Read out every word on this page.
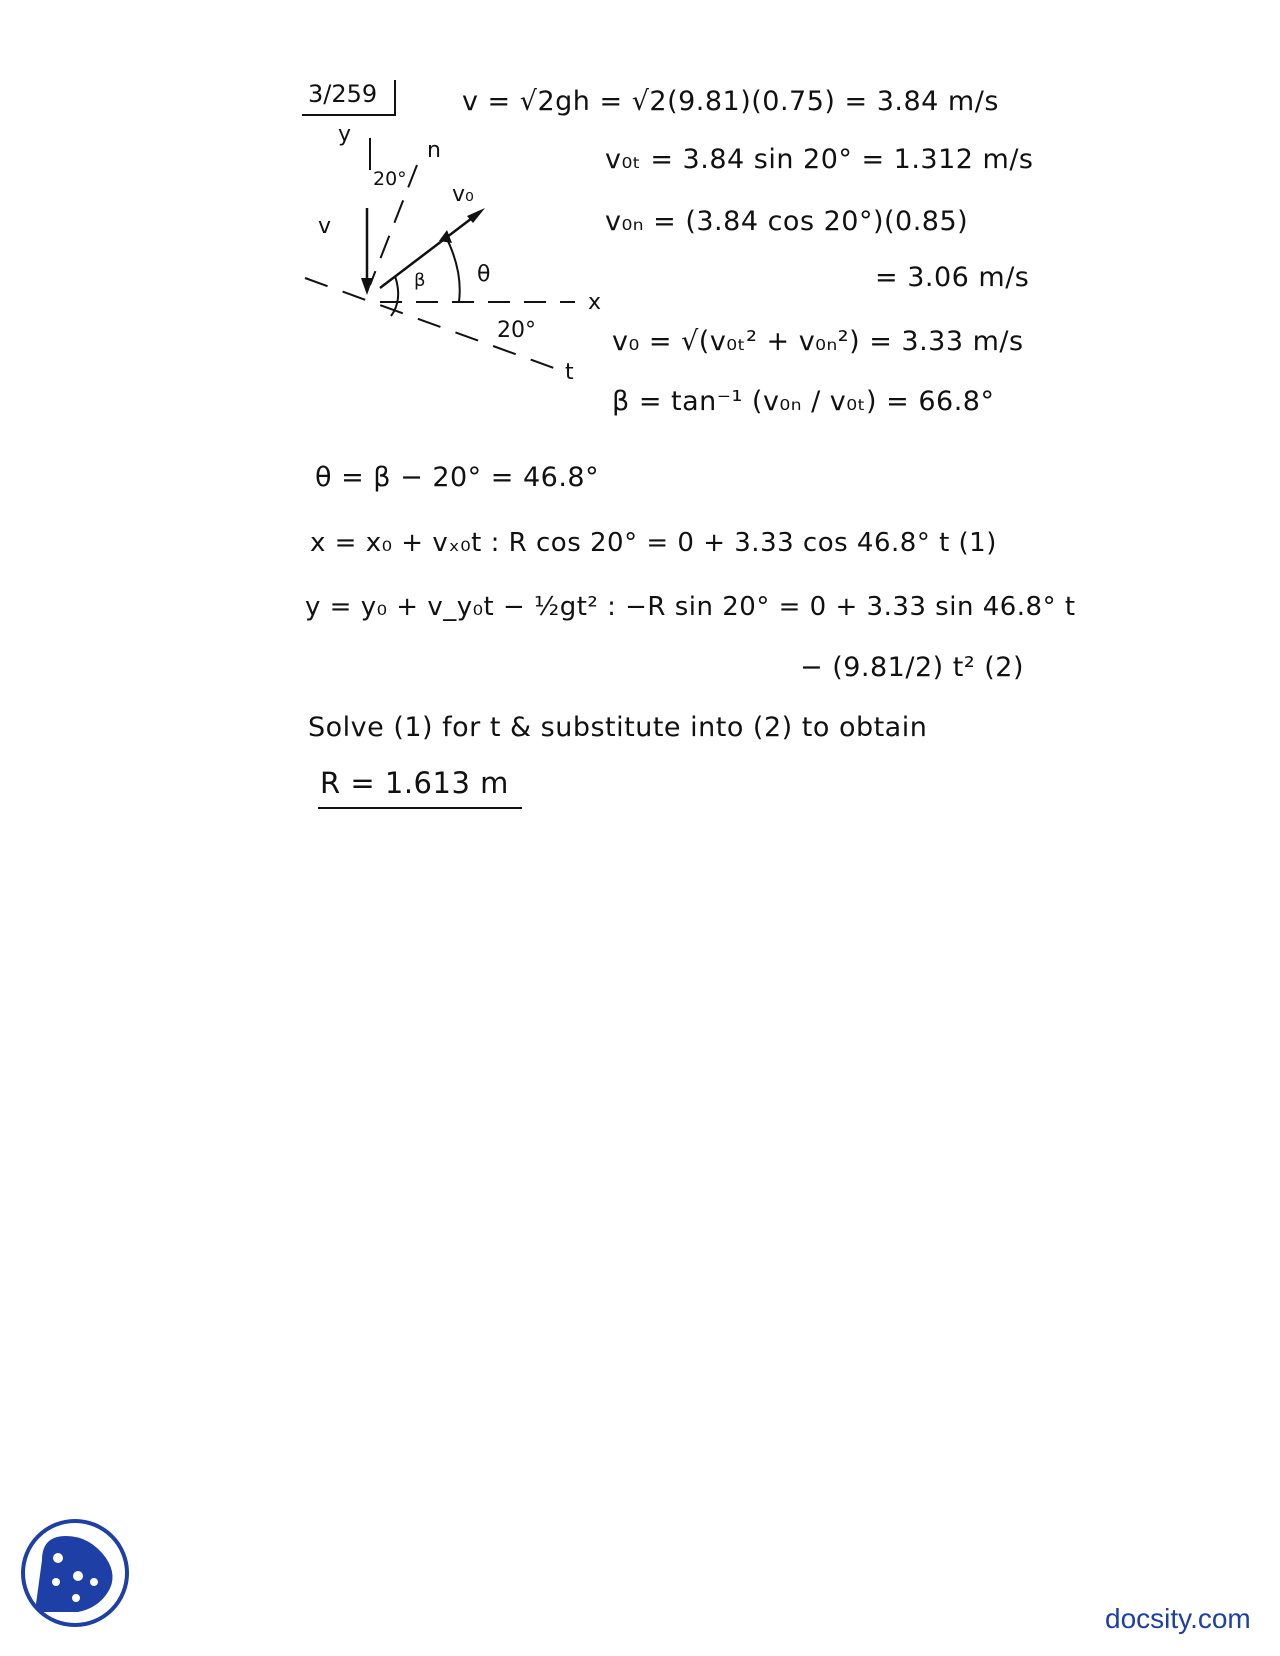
3/259
y
n
20°
v₀
v
β θ
x
20°
t
v = √2gh = √2(9.81)(0.75) = 3.84 m/s
v₀ₜ = 3.84 sin 20° = 1.312 m/s
v₀ₙ = (3.84 cos 20°)(0.85)
= 3.06 m/s
v₀ = √(v₀ₜ² + v₀ₙ²) = 3.33 m/s
β = tan⁻¹ (v₀ₙ / v₀ₜ) = 66.8°
θ = β − 20° = 46.8°
x = x₀ + vₓ₀t : R cos 20° = 0 + 3.33 cos 46.8° t (1)
y = y₀ + v_y₀t − ½gt² : −R sin 20° = 0 + 3.33 sin 46.8° t
− (9.81/2) t² (2)
Solve (1) for t & substitute into (2) to obtain
R = 1.613 m
docsity.com
